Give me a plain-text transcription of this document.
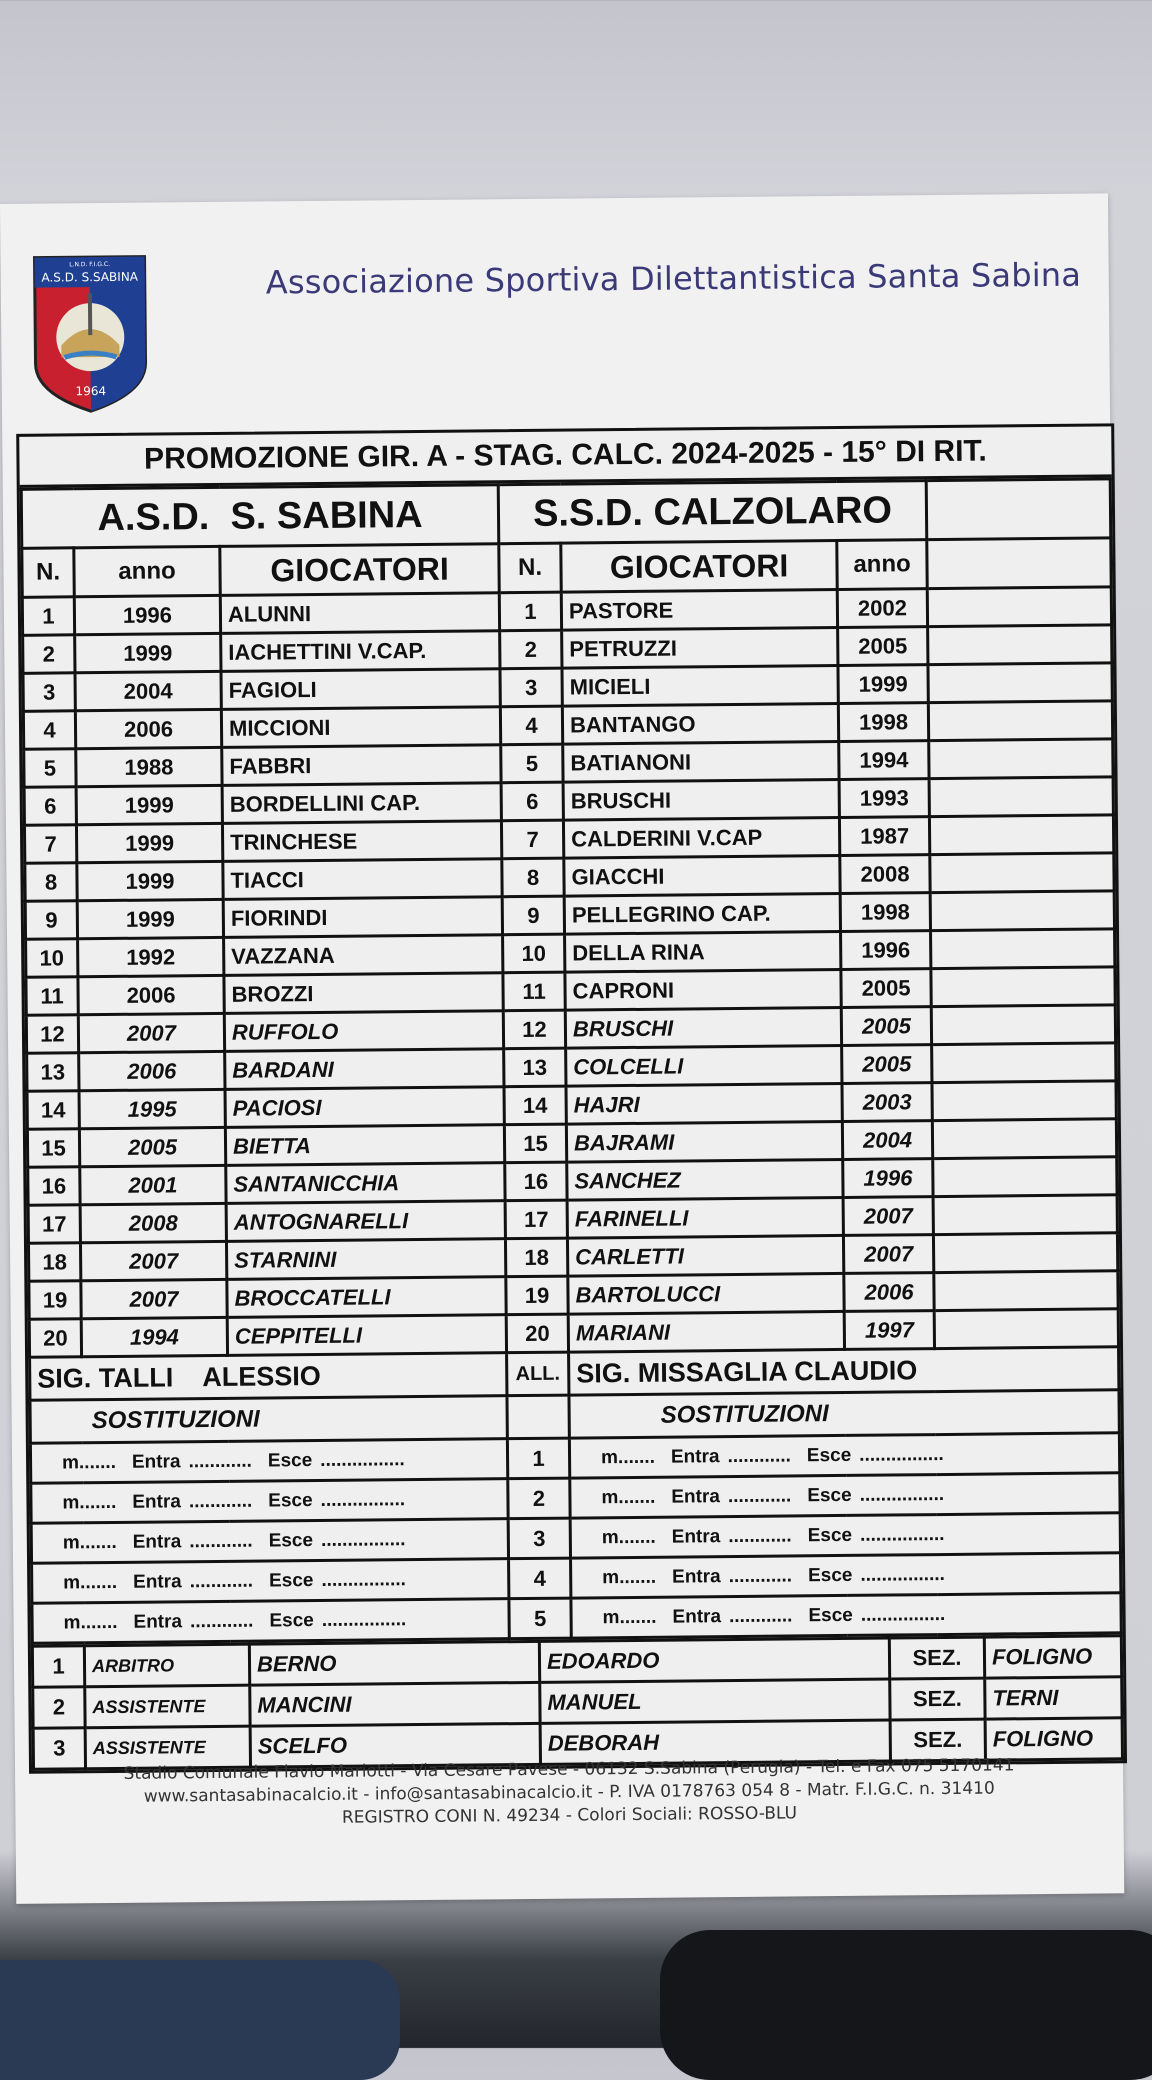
L.N.D. F.I.G.C.
A.S.D. S.SABINA
1964
Associazione Sportiva Dilettantistica Santa Sabina
PROMOZIONE GIR. A - STAG. CALC. 2024-2025 - 15° DI RIT.
A.S.D.  S. SABINA			S.S.D. CALZOLARO			
N.	anno	GIOCATORI	N.	GIOCATORI	anno	
1	1996	ALUNNI	1	PASTORE	2002	
2	1999	IACHETTINI V.CAP.	2	PETRUZZI	2005	
3	2004	FAGIOLI	3	MICIELI	1999	
4	2006	MICCIONI	4	BANTANGO	1998	
5	1988	FABBRI	5	BATIANONI	1994	
6	1999	BORDELLINI CAP.	6	BRUSCHI	1993	
7	1999	TRINCHESE	7	CALDERINI V.CAP	1987	
8	1999	TIACCI	8	GIACCHI	2008	
9	1999	FIORINDI	9	PELLEGRINO CAP.	1998	
10	1992	VAZZANA	10	DELLA RINA	1996	
11	2006	BROZZI	11	CAPRONI	2005	
12	2007	RUFFOLO	12	BRUSCHI	2005	
13	2006	BARDANI	13	COLCELLI	2005	
14	1995	PACIOSI	14	HAJRI	2003	
15	2005	BIETTA	15	BAJRAMI	2004	
16	2001	SANTANICCHIA	16	SANCHEZ	1996	
17	2008	ANTOGNARELLI	17	FARINELLI	2007	
18	2007	STARNINI	18	CARLETTI	2007	
19	2007	BROCCATELLI	19	BARTOLUCCI	2006	
20	1994	CEPPITELLI	20	MARIANI	1997	
SIG. TALLI    ALESSIO			ALL.	SIG. MISSAGLIA CLAUDIO		
SOSTITUZIONI				SOSTITUZIONI		
m....... Entra ............ Esce ................			1	m....... Entra ............ Esce ................		
m....... Entra ............ Esce ................			2	m....... Entra ............ Esce ................		
m....... Entra ............ Esce ................			3	m....... Entra ............ Esce ................		
m....... Entra ............ Esce ................			4	m....... Entra ............ Esce ................		
m....... Entra ............ Esce ................			5	m....... Entra ............ Esce ................		
1	ARBITRO	BERNO	EDOARDO	SEZ.	FOLIGNO
2	ASSISTENTE	MANCINI	MANUEL	SEZ.	TERNI
3	ASSISTENTE	SCELFO	DEBORAH	SEZ.	FOLIGNO
Stadio Comunale Flavio Mariotti - Via Cesare Pavese - 06132 S.Sabina (Perugia) - Tel. e Fax 075 5170141
www.santasabinacalcio.it - info@santasabinacalcio.it - P. IVA 0178763 054 8 - Matr. F.I.G.C. n. 31410
REGISTRO CONI N. 49234 - Colori Sociali: ROSSO-BLU
